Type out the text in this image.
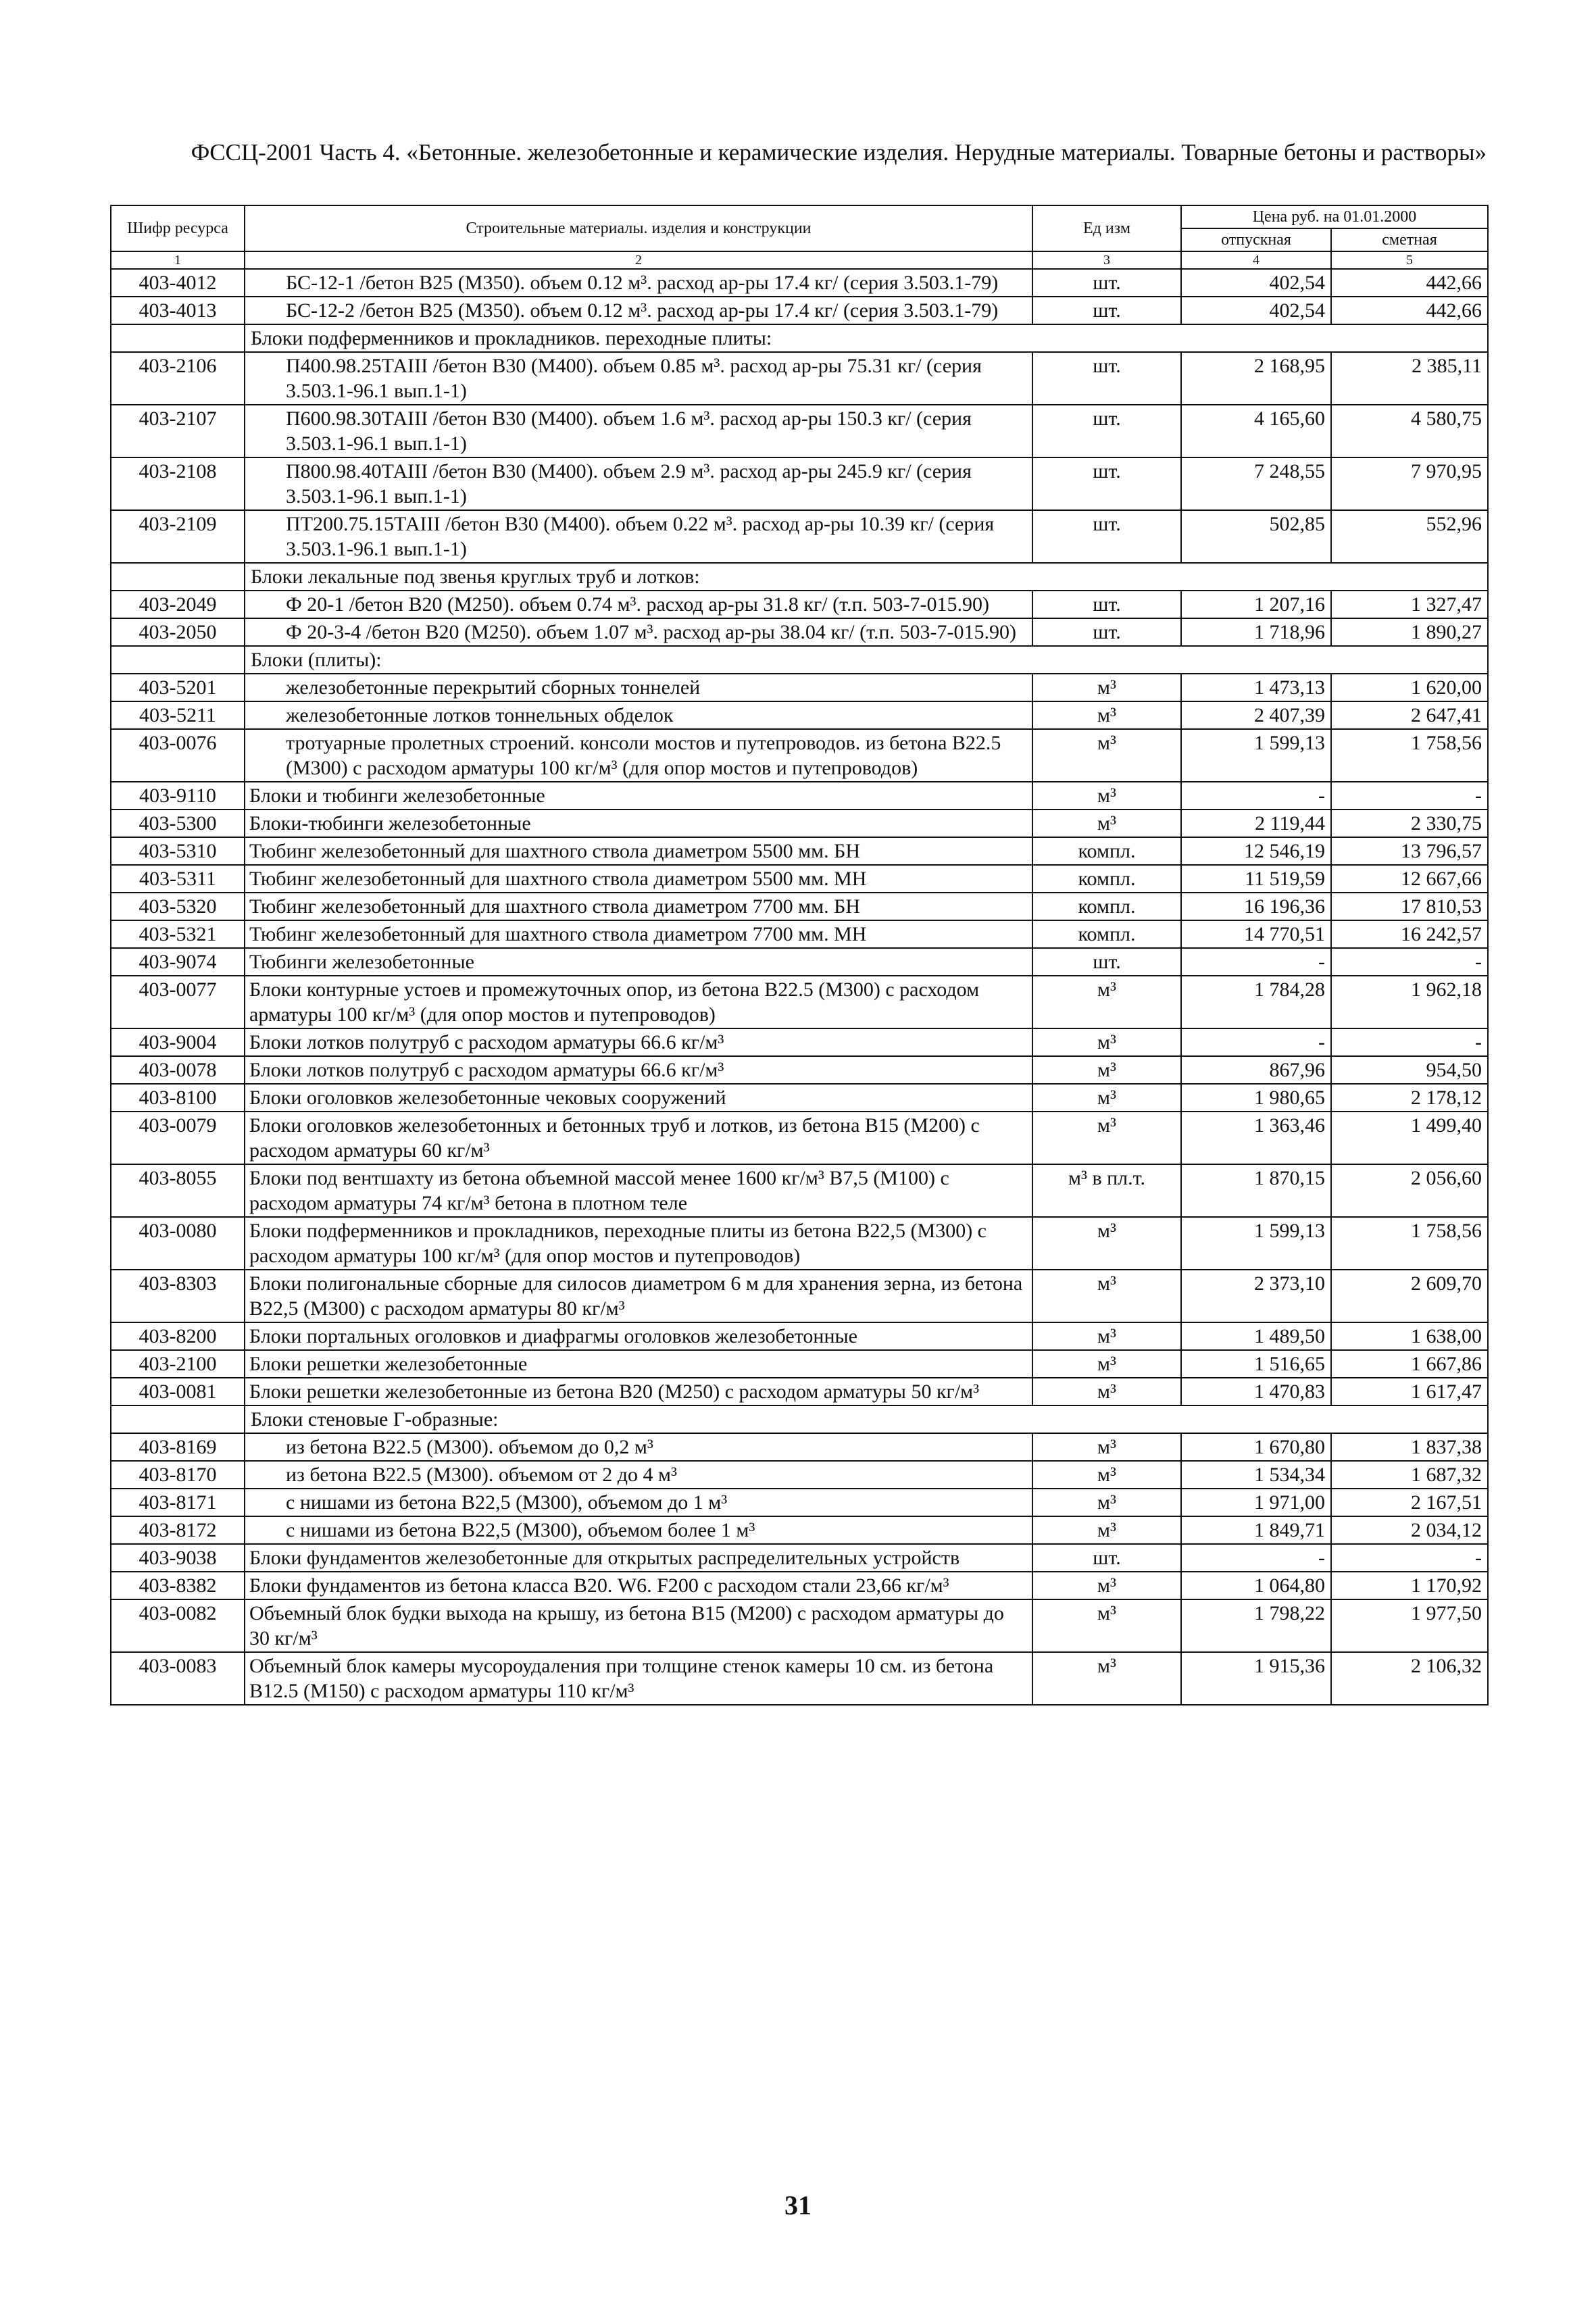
ФССЦ-2001 Часть 4. «Бетонные. железобетонные и керамические изделия. Нерудные материалы. Товарные бетоны и растворы»
Шифр ресурса	Строительные материалы. изделия и конструкции	Ед изм	Цена руб. на 01.01.2000	
			отпускная	сметная
1	2	3	4	5
403-4012	БС-12-1 /бетон В25 (М350). объем 0.12 м³. расход ар-ры 17.4 кг/ (серия 3.503.1-79)	шт.	402,54	442,66
403-4013	БС-12-2 /бетон В25 (М350). объем 0.12 м³. расход ар-ры 17.4 кг/ (серия 3.503.1-79)	шт.	402,54	442,66
	Блоки подферменников и прокладников. переходные плиты:			
403-2106	П400.98.25ТАIII /бетон В30 (М400). объем 0.85 м³. расход ар-ры 75.31 кг/ (серия 3.503.1-96.1 вып.1-1)	шт.	2 168,95	2 385,11
403-2107	П600.98.30ТАIII /бетон В30 (М400). объем 1.6 м³. расход ар-ры 150.3 кг/ (серия 3.503.1-96.1 вып.1-1)	шт.	4 165,60	4 580,75
403-2108	П800.98.40ТАIII /бетон В30 (М400). объем 2.9 м³. расход ар-ры 245.9 кг/ (серия 3.503.1-96.1 вып.1-1)	шт.	7 248,55	7 970,95
403-2109	ПТ200.75.15ТАIII /бетон В30 (М400). объем 0.22 м³. расход ар-ры 10.39 кг/ (серия 3.503.1-96.1 вып.1-1)	шт.	502,85	552,96
	Блоки лекальные под звенья круглых труб и лотков:			
403-2049	Ф 20-1 /бетон В20 (М250). объем 0.74 м³. расход ар-ры 31.8 кг/ (т.п. 503-7-015.90)	шт.	1 207,16	1 327,47
403-2050	Ф 20-3-4 /бетон В20 (М250). объем 1.07 м³. расход ар-ры 38.04 кг/ (т.п. 503-7-015.90)	шт.	1 718,96	1 890,27
	Блоки (плиты):			
403-5201	железобетонные перекрытий сборных тоннелей	м³	1 473,13	1 620,00
403-5211	железобетонные лотков тоннельных обделок	м³	2 407,39	2 647,41
403-0076	тротуарные пролетных строений. консоли мостов и путепроводов. из бетона В22.5 (М300) с расходом арматуры 100 кг/м³ (для опор мостов и путепроводов)	м³	1 599,13	1 758,56
403-9110	Блоки и тюбинги железобетонные	м³	-	-
403-5300	Блоки-тюбинги железобетонные	м³	2 119,44	2 330,75
403-5310	Тюбинг железобетонный для шахтного ствола диаметром 5500 мм. БН	компл.	12 546,19	13 796,57
403-5311	Тюбинг железобетонный для шахтного ствола диаметром 5500 мм. МН	компл.	11 519,59	12 667,66
403-5320	Тюбинг железобетонный для шахтного ствола диаметром 7700 мм. БН	компл.	16 196,36	17 810,53
403-5321	Тюбинг железобетонный для шахтного ствола диаметром 7700 мм. МН	компл.	14 770,51	16 242,57
403-9074	Тюбинги железобетонные	шт.	-	-
403-0077	Блоки контурные устоев и промежуточных опор, из бетона В22.5 (М300) с расходом арматуры 100 кг/м³ (для опор мостов и путепроводов)	м³	1 784,28	1 962,18
403-9004	Блоки лотков полутруб с расходом арматуры 66.6 кг/м³	м³	-	-
403-0078	Блоки лотков полутруб с расходом арматуры 66.6 кг/м³	м³	867,96	954,50
403-8100	Блоки оголовков железобетонные чековых сооружений	м³	1 980,65	2 178,12
403-0079	Блоки оголовков железобетонных и бетонных труб и лотков, из бетона В15 (М200) с расходом арматуры 60 кг/м³	м³	1 363,46	1 499,40
403-8055	Блоки под вентшахту из бетона объемной массой менее 1600 кг/м³ В7,5 (М100) с расходом арматуры 74 кг/м³ бетона в плотном теле	м³ в пл.т.	1 870,15	2 056,60
403-0080	Блоки подферменников и прокладников, переходные плиты из бетона В22,5 (М300) с расходом арматуры 100 кг/м³ (для опор мостов и путепроводов)	м³	1 599,13	1 758,56
403-8303	Блоки полигональные сборные для силосов диаметром 6 м для хранения зерна, из бетона В22,5 (М300) с расходом арматуры 80 кг/м³	м³	2 373,10	2 609,70
403-8200	Блоки портальных оголовков и диафрагмы оголовков железобетонные	м³	1 489,50	1 638,00
403-2100	Блоки решетки железобетонные	м³	1 516,65	1 667,86
403-0081	Блоки решетки железобетонные из бетона В20 (М250) с расходом арматуры 50 кг/м³	м³	1 470,83	1 617,47
	Блоки стеновые Г-образные:			
403-8169	из бетона В22.5 (М300). объемом до 0,2 м³	м³	1 670,80	1 837,38
403-8170	из бетона В22.5 (М300). объемом от 2 до 4 м³	м³	1 534,34	1 687,32
403-8171	с нишами из бетона В22,5 (М300), объемом до 1 м³	м³	1 971,00	2 167,51
403-8172	с нишами из бетона В22,5 (М300), объемом более 1 м³	м³	1 849,71	2 034,12
403-9038	Блоки фундаментов железобетонные для открытых распределительных устройств	шт.	-	-
403-8382	Блоки фундаментов из бетона класса В20. W6. F200 с расходом стали 23,66 кг/м³	м³	1 064,80	1 170,92
403-0082	Объемный блок будки выхода на крышу, из бетона В15 (М200) с расходом арматуры до 30 кг/м³	м³	1 798,22	1 977,50
403-0083	Объемный блок камеры мусороудаления при толщине стенок камеры 10 см. из бетона В12.5 (М150) с расходом арматуры 110 кг/м³	м³	1 915,36	2 106,32
31
